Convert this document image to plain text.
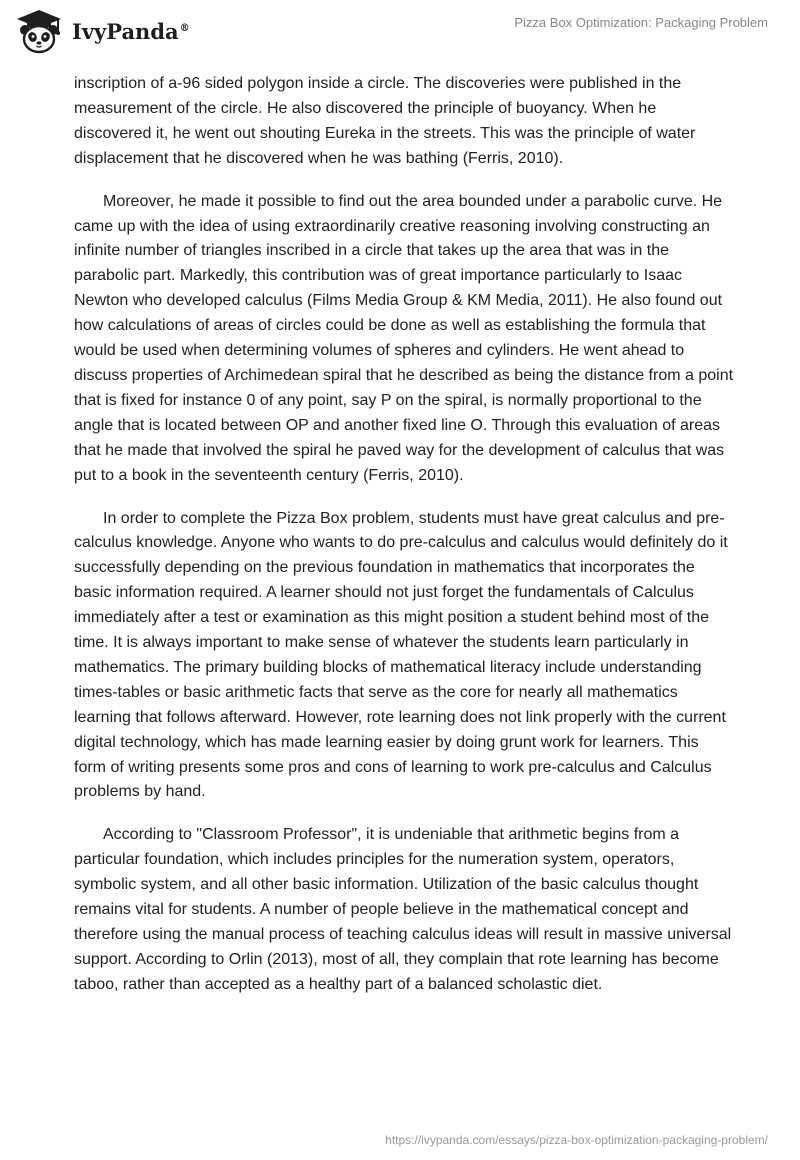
IvyPanda®	Pizza Box Optimization: Packaging Problem

inscription of a-96 sided polygon inside a circle. The discoveries were published in the measurement of the circle. He also discovered the principle of buoyancy. When he discovered it, he went out shouting Eureka in the streets. This was the principle of water displacement that he discovered when he was bathing (Ferris, 2010).

Moreover, he made it possible to find out the area bounded under a parabolic curve. He came up with the idea of using extraordinarily creative reasoning involving constructing an infinite number of triangles inscribed in a circle that takes up the area that was in the parabolic part. Markedly, this contribution was of great importance particularly to Isaac Newton who developed calculus (Films Media Group & KM Media, 2011). He also found out how calculations of areas of circles could be done as well as establishing the formula that would be used when determining volumes of spheres and cylinders. He went ahead to discuss properties of Archimedean spiral that he described as being the distance from a point that is fixed for instance 0 of any point, say P on the spiral, is normally proportional to the angle that is located between OP and another fixed line O. Through this evaluation of areas that he made that involved the spiral he paved way for the development of calculus that was put to a book in the seventeenth century (Ferris, 2010).

In order to complete the Pizza Box problem, students must have great calculus and pre-calculus knowledge. Anyone who wants to do pre-calculus and calculus would definitely do it successfully depending on the previous foundation in mathematics that incorporates the basic information required. A learner should not just forget the fundamentals of Calculus immediately after a test or examination as this might position a student behind most of the time. It is always important to make sense of whatever the students learn particularly in mathematics. The primary building blocks of mathematical literacy include understanding times-tables or basic arithmetic facts that serve as the core for nearly all mathematics learning that follows afterward. However, rote learning does not link properly with the current digital technology, which has made learning easier by doing grunt work for learners. This form of writing presents some pros and cons of learning to work pre-calculus and Calculus problems by hand.

According to "Classroom Professor", it is undeniable that arithmetic begins from a particular foundation, which includes principles for the numeration system, operators, symbolic system, and all other basic information. Utilization of the basic calculus thought remains vital for students. A number of people believe in the mathematical concept and therefore using the manual process of teaching calculus ideas will result in massive universal support. According to Orlin (2013), most of all, they complain that rote learning has become taboo, rather than accepted as a healthy part of a balanced scholastic diet.

https://ivypanda.com/essays/pizza-box-optimization-packaging-problem/
